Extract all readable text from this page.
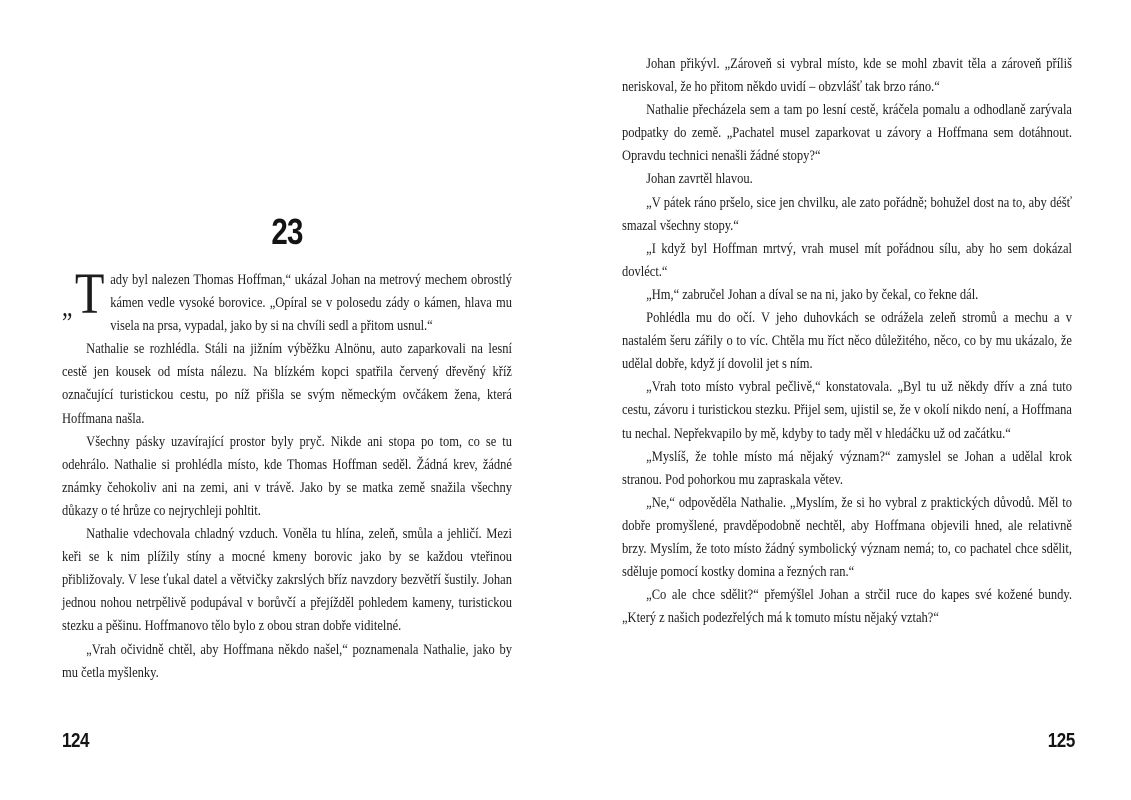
23

„ T ady byl nalezen Thomas Hoffman,“ ukázal Johan na metrový mechem obrostlý kámen vedle vysoké borovice. „Opíral se v polosedu zády o kámen, hlava mu visela na prsa, vypadal, jako by si na chvíli sedl a přitom usnul.“

Nathalie se rozhlédla. Stáli na jižním výběžku Alnönu, auto zaparkovali na lesní cestě jen kousek od místa nálezu. Na blízkém kopci spatřila červený dřevěný kříž označující turistickou cestu, po níž přišla se svým německým ovčákem žena, která Hoffmana našla.

Všechny pásky uzavírající prostor byly pryč. Nikde ani stopa po tom, co se tu odehrálo. Nathalie si prohlédla místo, kde Thomas Hoffman seděl. Žádná krev, žádné známky čehokoliv ani na zemi, ani v trávě. Jako by se matka země snažila všechny důkazy o té hrůze co nejrychleji pohltit.

Nathalie vdechovala chladný vzduch. Voněla tu hlína, zeleň, smůla a jehličí. Mezi keři se k nim plížily stíny a mocné kmeny borovic jako by se každou vteřinou přibližovaly. V lese ťukal datel a větvičky zakrslých bříz navzdory bezvětří šustily. Johan jednou nohou netrpělivě podupával v borůvčí a přejížděl pohledem kameny, turistickou stezku a pěšinu. Hoffmanovo tělo bylo z obou stran dobře viditelné.

„Vrah očividně chtěl, aby Hoffmana někdo našel,“ poznamenala Nathalie, jako by mu četla myšlenky.

124

Johan přikývl. „Zároveň si vybral místo, kde se mohl zbavit těla a zároveň příliš neriskoval, že ho přitom někdo uvidí – obzvlášť tak brzo ráno.“

Nathalie přecházela sem a tam po lesní cestě, kráčela pomalu a odhodlaně zarývala podpatky do země. „Pachatel musel zaparkovat u závory a Hoffmana sem dotáhnout. Opravdu technici nenašli žádné stopy?“

Johan zavrtěl hlavou.

„V pátek ráno pršelo, sice jen chvilku, ale zato pořádně; bohužel dost na to, aby déšť smazal všechny stopy.“

„I když byl Hoffman mrtvý, vrah musel mít pořádnou sílu, aby ho sem dokázal dovléct.“

„Hm,“ zabručel Johan a díval se na ni, jako by čekal, co řekne dál.

Pohlédla mu do očí. V jeho duhovkách se odrážela zeleň stromů a mechu a v nastalém šeru zářily o to víc. Chtěla mu říct něco důležitého, něco, co by mu ukázalo, že udělal dobře, když jí dovolil jet s ním.

„Vrah toto místo vybral pečlivě,“ konstatovala. „Byl tu už někdy dřív a zná tuto cestu, závoru i turistickou stezku. Přijel sem, ujistil se, že v okolí nikdo není, a Hoffmana tu nechal. Nepřekvapilo by mě, kdyby to tady měl v hledáčku už od začátku.“

„Myslíš, že tohle místo má nějaký význam?“ zamyslel se Johan a udělal krok stranou. Pod pohorkou mu zapraskala větev.

„Ne,“ odpověděla Nathalie. „Myslím, že si ho vybral z praktických důvodů. Měl to dobře promyšlené, pravděpodobně nechtěl, aby Hoffmana objevili hned, ale relativně brzy. Myslím, že toto místo žádný symbolický význam nemá; to, co pachatel chce sdělit, sděluje pomocí kostky domina a řezných ran.“

„Co ale chce sdělit?“ přemýšlel Johan a strčil ruce do kapes své kožené bundy. „Který z našich podezřelých má k tomuto místu nějaký vztah?“

125
